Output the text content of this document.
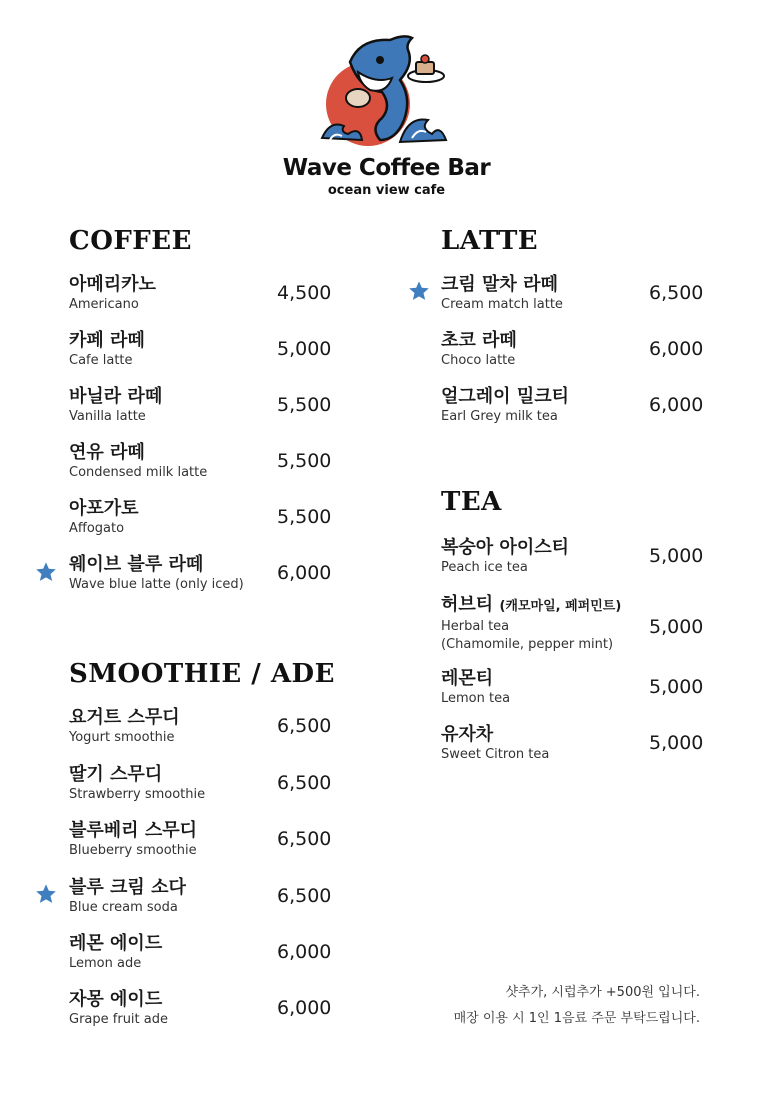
Wave Coffee Bar
ocean view cafe
COFFEE
아메리카노
Americano
4,500
카페 라떼
Cafe latte
5,000
바닐라 라떼
Vanilla latte
5,500
연유 라떼
Condensed milk latte
5,500
아포가토
Affogato
5,500
웨이브 블루 라떼
Wave blue latte (only iced)
6,000
SMOOTHIE / ADE
요거트 스무디
Yogurt smoothie
6,500
딸기 스무디
Strawberry smoothie
6,500
블루베리 스무디
Blueberry smoothie
6,500
블루 크림 소다
Blue cream soda
6,500
레몬 에이드
Lemon ade
6,000
자몽 에이드
Grape fruit ade
6,000
LATTE
크림 말차 라떼
Cream match latte
6,500
초코 라떼
Choco latte
6,000
얼그레이 밀크티
Earl Grey milk tea
6,000
TEA
복숭아 아이스티
Peach ice tea
5,000
허브티 (캐모마일, 페퍼민트)
Herbal tea
(Chamomile, pepper mint)
5,000
레몬티
Lemon tea
5,000
유자차
Sweet Citron tea
5,000
샷추가, 시럽추가 +500원 입니다.
매장 이용 시 1인 1음료 주문 부탁드립니다.
